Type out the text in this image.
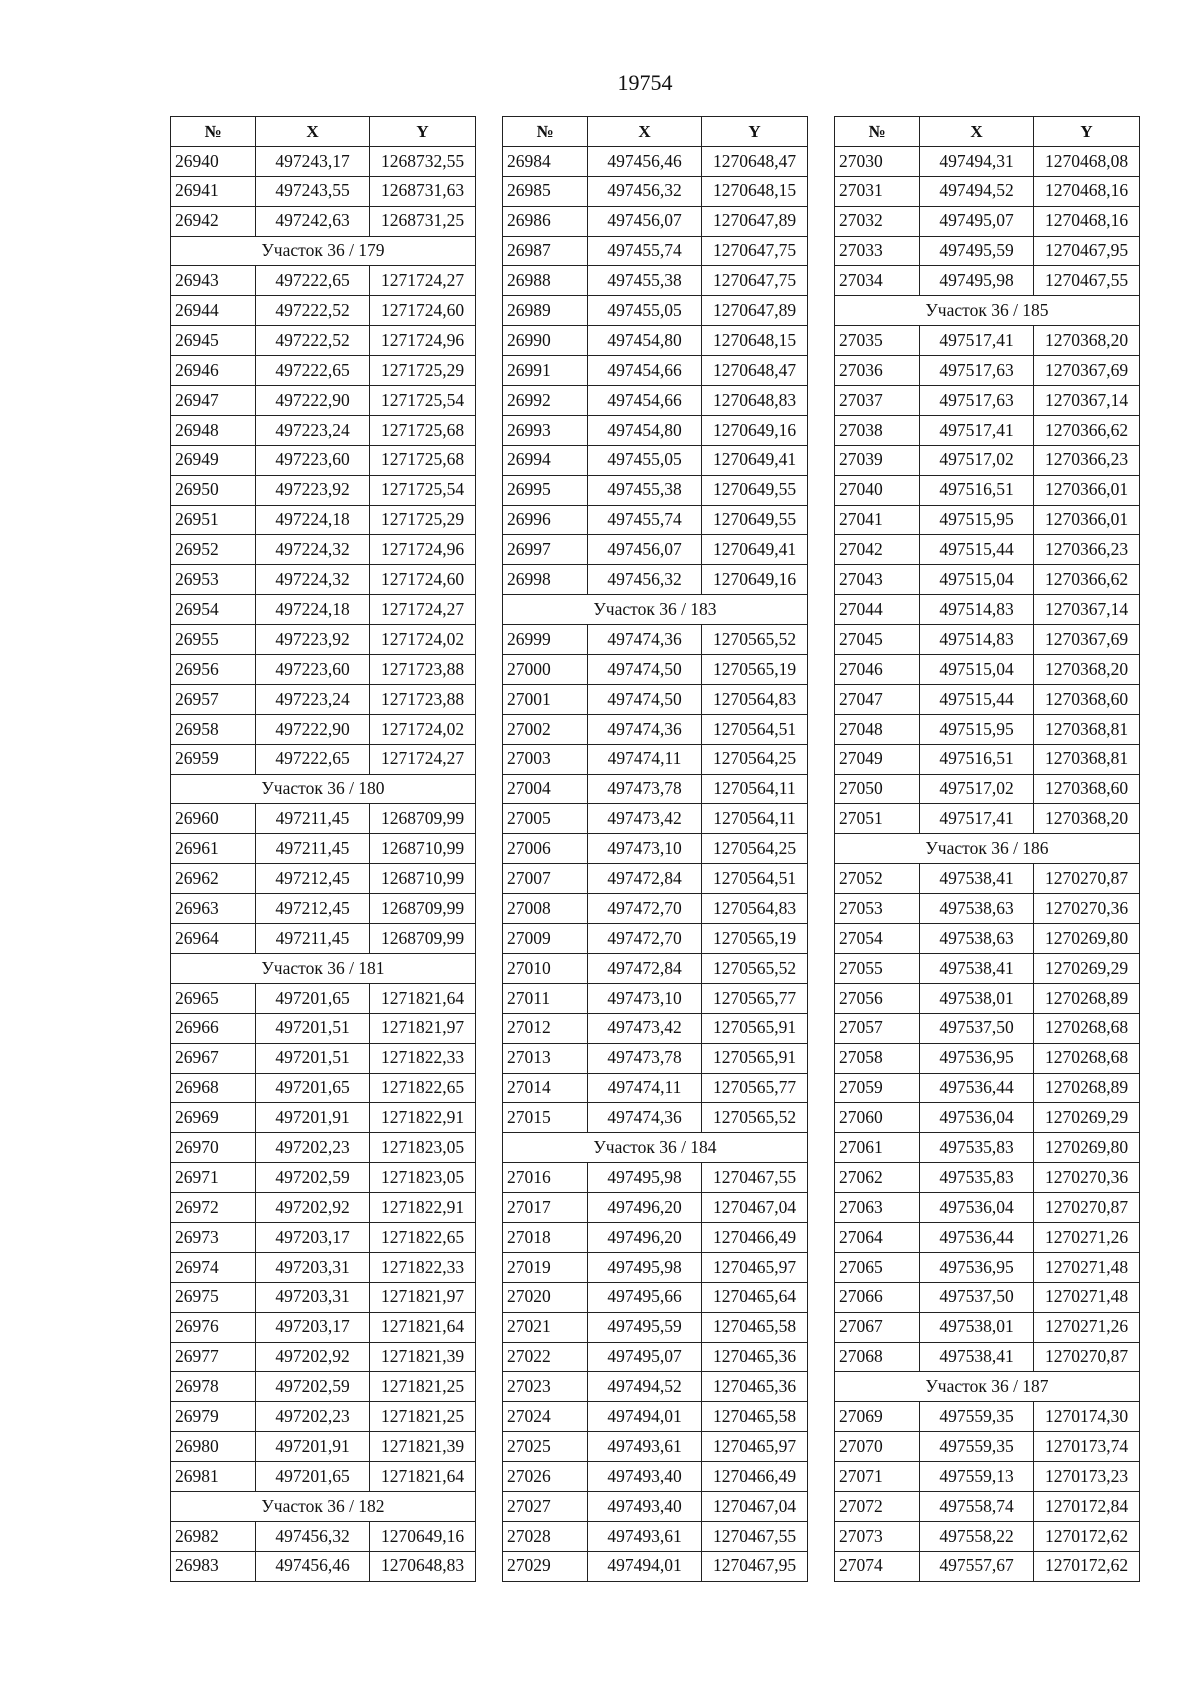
19754
№	X	Y
26940	497243,17	1268732,55
26941	497243,55	1268731,63
26942	497242,63	1268731,25
Участок 36 / 179		
26943	497222,65	1271724,27
26944	497222,52	1271724,60
26945	497222,52	1271724,96
26946	497222,65	1271725,29
26947	497222,90	1271725,54
26948	497223,24	1271725,68
26949	497223,60	1271725,68
26950	497223,92	1271725,54
26951	497224,18	1271725,29
26952	497224,32	1271724,96
26953	497224,32	1271724,60
26954	497224,18	1271724,27
26955	497223,92	1271724,02
26956	497223,60	1271723,88
26957	497223,24	1271723,88
26958	497222,90	1271724,02
26959	497222,65	1271724,27
Участок 36 / 180		
26960	497211,45	1268709,99
26961	497211,45	1268710,99
26962	497212,45	1268710,99
26963	497212,45	1268709,99
26964	497211,45	1268709,99
Участок 36 / 181		
26965	497201,65	1271821,64
26966	497201,51	1271821,97
26967	497201,51	1271822,33
26968	497201,65	1271822,65
26969	497201,91	1271822,91
26970	497202,23	1271823,05
26971	497202,59	1271823,05
26972	497202,92	1271822,91
26973	497203,17	1271822,65
26974	497203,31	1271822,33
26975	497203,31	1271821,97
26976	497203,17	1271821,64
26977	497202,92	1271821,39
26978	497202,59	1271821,25
26979	497202,23	1271821,25
26980	497201,91	1271821,39
26981	497201,65	1271821,64
Участок 36 / 182		
26982	497456,32	1270649,16
26983	497456,46	1270648,83
№	X	Y
26984	497456,46	1270648,47
26985	497456,32	1270648,15
26986	497456,07	1270647,89
26987	497455,74	1270647,75
26988	497455,38	1270647,75
26989	497455,05	1270647,89
26990	497454,80	1270648,15
26991	497454,66	1270648,47
26992	497454,66	1270648,83
26993	497454,80	1270649,16
26994	497455,05	1270649,41
26995	497455,38	1270649,55
26996	497455,74	1270649,55
26997	497456,07	1270649,41
26998	497456,32	1270649,16
Участок 36 / 183		
26999	497474,36	1270565,52
27000	497474,50	1270565,19
27001	497474,50	1270564,83
27002	497474,36	1270564,51
27003	497474,11	1270564,25
27004	497473,78	1270564,11
27005	497473,42	1270564,11
27006	497473,10	1270564,25
27007	497472,84	1270564,51
27008	497472,70	1270564,83
27009	497472,70	1270565,19
27010	497472,84	1270565,52
27011	497473,10	1270565,77
27012	497473,42	1270565,91
27013	497473,78	1270565,91
27014	497474,11	1270565,77
27015	497474,36	1270565,52
Участок 36 / 184		
27016	497495,98	1270467,55
27017	497496,20	1270467,04
27018	497496,20	1270466,49
27019	497495,98	1270465,97
27020	497495,66	1270465,64
27021	497495,59	1270465,58
27022	497495,07	1270465,36
27023	497494,52	1270465,36
27024	497494,01	1270465,58
27025	497493,61	1270465,97
27026	497493,40	1270466,49
27027	497493,40	1270467,04
27028	497493,61	1270467,55
27029	497494,01	1270467,95
№	X	Y
27030	497494,31	1270468,08
27031	497494,52	1270468,16
27032	497495,07	1270468,16
27033	497495,59	1270467,95
27034	497495,98	1270467,55
Участок 36 / 185		
27035	497517,41	1270368,20
27036	497517,63	1270367,69
27037	497517,63	1270367,14
27038	497517,41	1270366,62
27039	497517,02	1270366,23
27040	497516,51	1270366,01
27041	497515,95	1270366,01
27042	497515,44	1270366,23
27043	497515,04	1270366,62
27044	497514,83	1270367,14
27045	497514,83	1270367,69
27046	497515,04	1270368,20
27047	497515,44	1270368,60
27048	497515,95	1270368,81
27049	497516,51	1270368,81
27050	497517,02	1270368,60
27051	497517,41	1270368,20
Участок 36 / 186		
27052	497538,41	1270270,87
27053	497538,63	1270270,36
27054	497538,63	1270269,80
27055	497538,41	1270269,29
27056	497538,01	1270268,89
27057	497537,50	1270268,68
27058	497536,95	1270268,68
27059	497536,44	1270268,89
27060	497536,04	1270269,29
27061	497535,83	1270269,80
27062	497535,83	1270270,36
27063	497536,04	1270270,87
27064	497536,44	1270271,26
27065	497536,95	1270271,48
27066	497537,50	1270271,48
27067	497538,01	1270271,26
27068	497538,41	1270270,87
Участок 36 / 187		
27069	497559,35	1270174,30
27070	497559,35	1270173,74
27071	497559,13	1270173,23
27072	497558,74	1270172,84
27073	497558,22	1270172,62
27074	497557,67	1270172,62
